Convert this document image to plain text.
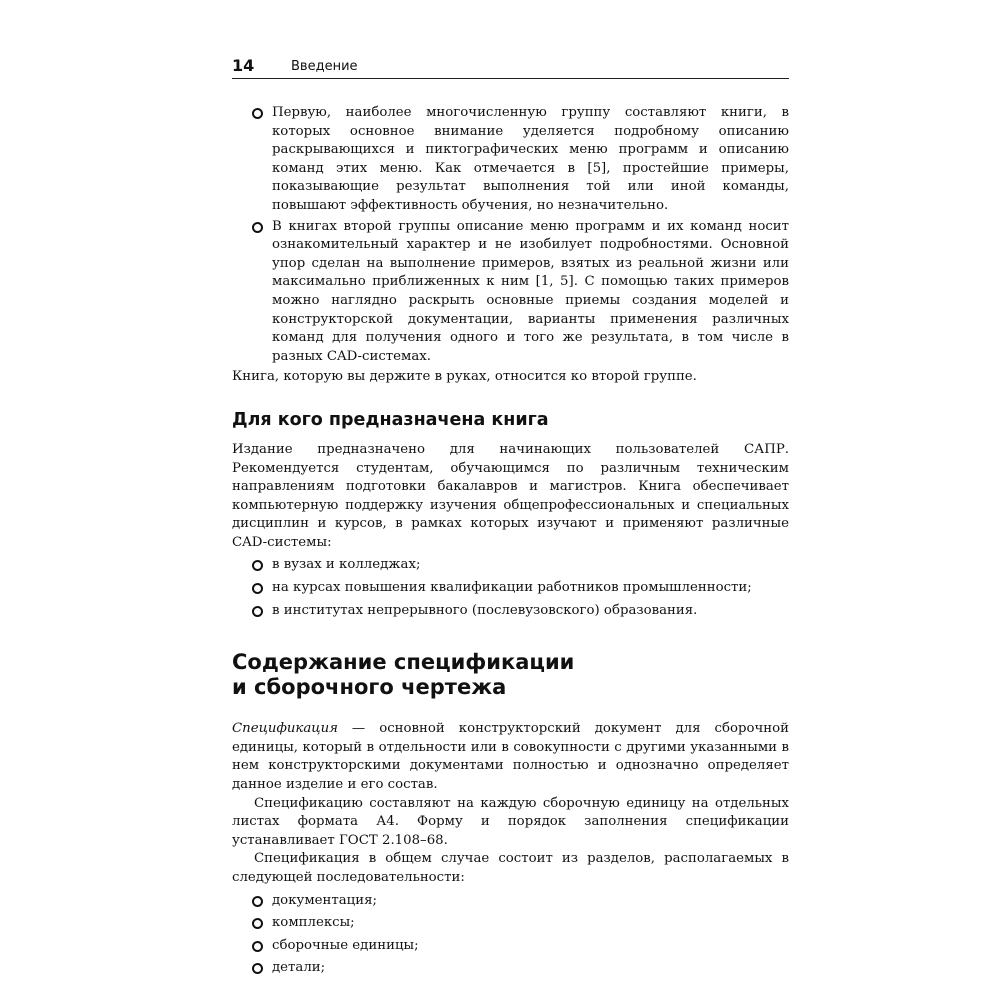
14	Введение
Первую, наиболее многочисленную группу составляют книги, в которых основное внимание уделяется подробному описанию раскрывающихся и пиктографических меню программ и описанию команд этих меню. Как отмечается в [5], простейшие примеры, показывающие результат выполнения той или иной команды, повышают эффективность обучения, но незначительно.
В книгах второй группы описание меню программ и их команд носит ознакомительный характер и не изобилует подробностями. Основной упор сделан на выполнение примеров, взятых из реальной жизни или максимально приближенных к ним [1, 5]. С помощью таких примеров можно наглядно раскрыть основные приемы создания моделей и конструкторской документации, варианты применения различных команд для получения одного и того же результата, в том числе в разных CAD-системах.

Книга, которую вы держите в руках, относится ко второй группе.

Для кого предназначена книга

Издание предназначено для начинающих пользователей САПР. Рекомендуется студентам, обучающимся по различным техническим направлениям подготовки бакалавров и магистров. Книга обеспечивает компьютерную поддержку изучения общепрофессиональных и специальных дисциплин и курсов, в рамках которых изучают и применяют различные CAD-системы:

в вузах и колледжах;
на курсах повышения квалификации работников промышленности;
в институтах непрерывного (послевузовского) образования.
Содержание спецификации
и сборочного чертежа

Спецификация — основной конструкторский документ для сборочной единицы, который в отдельности или в совокупности с другими указанными в нем конструкторскими документами полностью и однозначно определяет данное изделие и его состав.

Спецификацию составляют на каждую сборочную единицу на отдельных листах формата А4. Форму и порядок заполнения спецификации устанавливает ГОСТ 2.108–68.

Спецификация в общем случае состоит из разделов, располагаемых в следующей последовательности:

документация;
комплексы;
сборочные единицы;
детали;
